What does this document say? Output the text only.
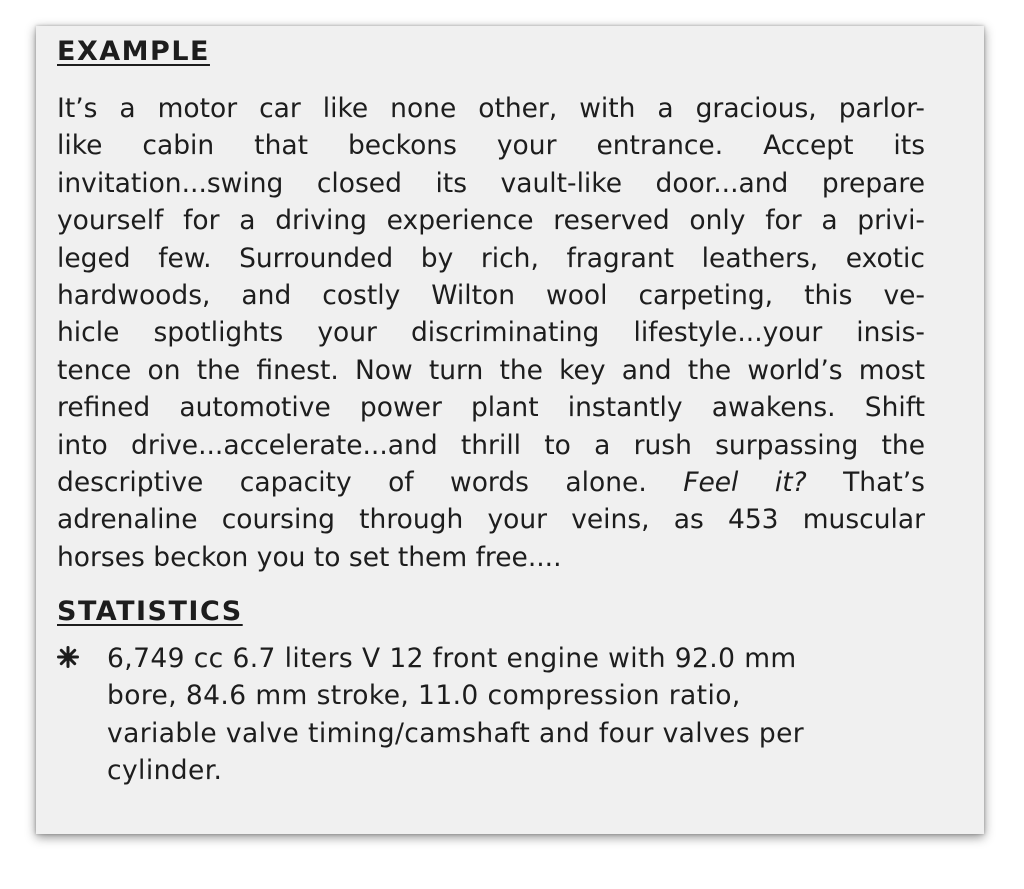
EXAMPLE
It’s a motor car like none other, with a gracious, parlor-
like cabin that beckons your entrance. Accept its
invitation...swing closed its vault-like door...and prepare
yourself for a driving experience reserved only for a privi-
leged few. Surrounded by rich, fragrant leathers, exotic
hardwoods, and costly Wilton wool carpeting, this ve-
hicle spotlights your discriminating lifestyle...your insis-
tence on the finest. Now turn the key and the world’s most
refined automotive power plant instantly awakens. Shift
into drive...accelerate...and thrill to a rush surpassing the
descriptive capacity of words alone. Feel it? That’s
adrenaline coursing through your veins, as 453 muscular
horses beckon you to set them free....
STATISTICS
6,749 cc 6.7 liters V 12 front engine with 92.0 mm
bore, 84.6 mm stroke, 11.0 compression ratio,
variable valve timing/camshaft and four valves per
cylinder.
